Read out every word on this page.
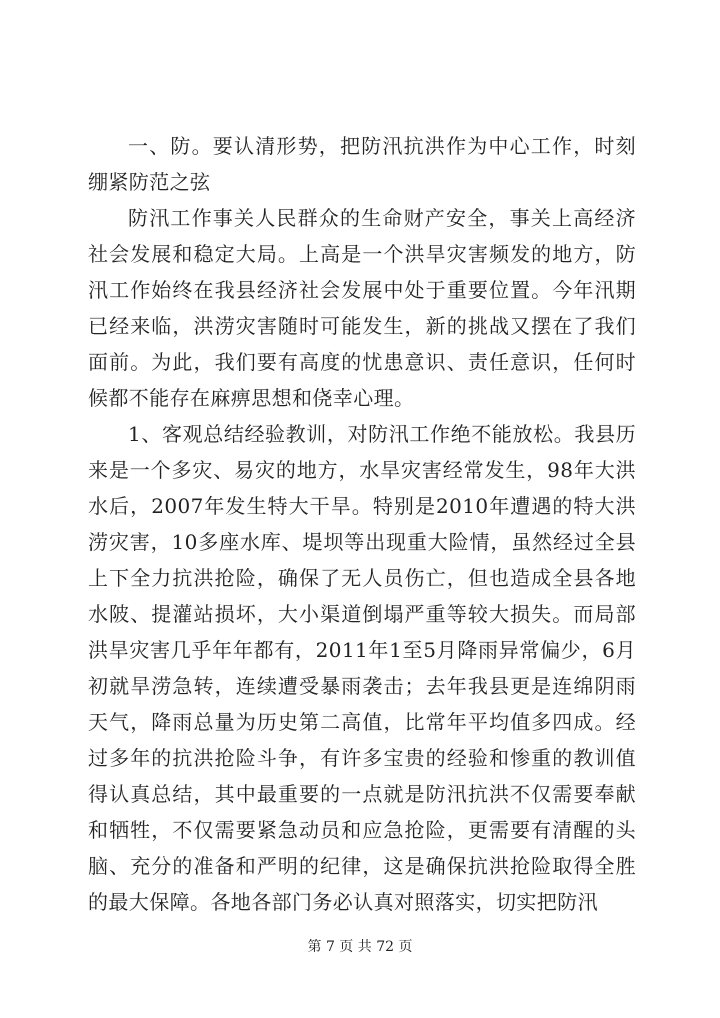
一、防。要认清形势，把防汛抗洪作为中心工作，时刻绷紧防范之弦

防汛工作事关人民群众的生命财产安全，事关上高经济社会发展和稳定大局。上高是一个洪旱灾害频发的地方，防汛工作始终在我县经济社会发展中处于重要位置。今年汛期已经来临，洪涝灾害随时可能发生，新的挑战又摆在了我们面前。为此，我们要有高度的忧患意识、责任意识，任何时候都不能存在麻痹思想和侥幸心理。

1、客观总结经验教训，对防汛工作绝不能放松。我县历来是一个多灾、易灾的地方，水旱灾害经常发生，98年大洪水后，2007年发生特大干旱。特别是2010年遭遇的特大洪涝灾害，10多座水库、堤坝等出现重大险情，虽然经过全县上下全力抗洪抢险，确保了无人员伤亡，但也造成全县各地水陂、提灌站损坏，大小渠道倒塌严重等较大损失。而局部洪旱灾害几乎年年都有，2011年1至5月降雨异常偏少，6月初就旱涝急转，连续遭受暴雨袭击；去年我县更是连绵阴雨天气，降雨总量为历史第二高值，比常年平均值多四成。经过多年的抗洪抢险斗争，有许多宝贵的经验和惨重的教训值得认真总结，其中最重要的一点就是防汛抗洪不仅需要奉献和牺牲，不仅需要紧急动员和应急抢险，更需要有清醒的头脑、充分的准备和严明的纪律，这是确保抗洪抢险取得全胜的最大保障。各地各部门务必认真对照落实，切实把防汛

第 7 页 共 72 页
